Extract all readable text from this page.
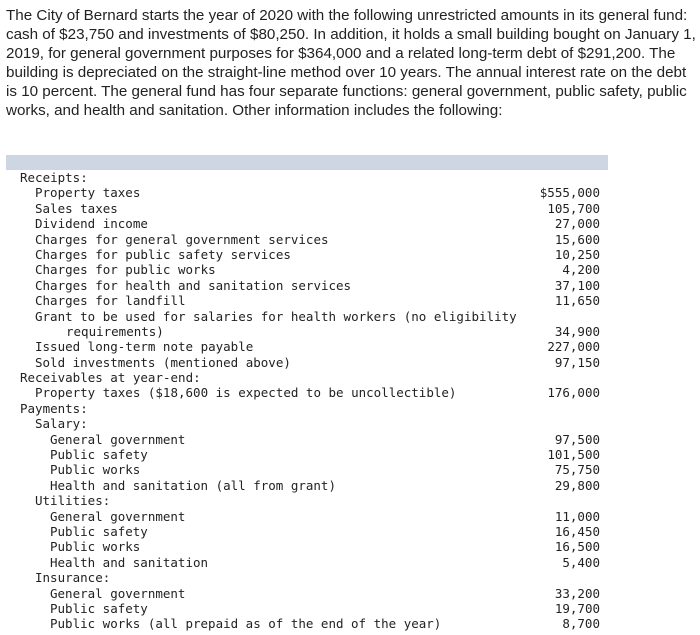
The City of Bernard starts the year of 2020 with the following unrestricted amounts in its general fund: cash of $23,750 and investments of $80,250. In addition, it holds a small building bought on January 1, 2019, for general government purposes for $364,000 and a related long-term debt of $291,200. The building is depreciated on the straight-line method over 10 years. The annual interest rate on the debt is 10 percent. The general fund has four separate functions: general government, public safety, public works, and health and sanitation. Other information includes the following:

Receipts:
Property taxes	$555,000
Sales taxes	105,700
Dividend income	27,000
Charges for general government services	15,600
Charges for public safety services	10,250
Charges for public works	4,200
Charges for health and sanitation services	37,100
Charges for landfill	11,650
Grant to be used for salaries for health workers (no eligibility
requirements)	34,900
Issued long-term note payable	227,000
Sold investments (mentioned above)	97,150
Receivables at year-end:
Property taxes ($18,600 is expected to be uncollectible)	176,000
Payments:
Salary:
General government	97,500
Public safety	101,500
Public works	75,750
Health and sanitation (all from grant)	29,800
Utilities:
General government	11,000
Public safety	16,450
Public works	16,500
Health and sanitation	5,400
Insurance:
General government	33,200
Public safety	19,700
Public works (all prepaid as of the end of the year)	8,700
